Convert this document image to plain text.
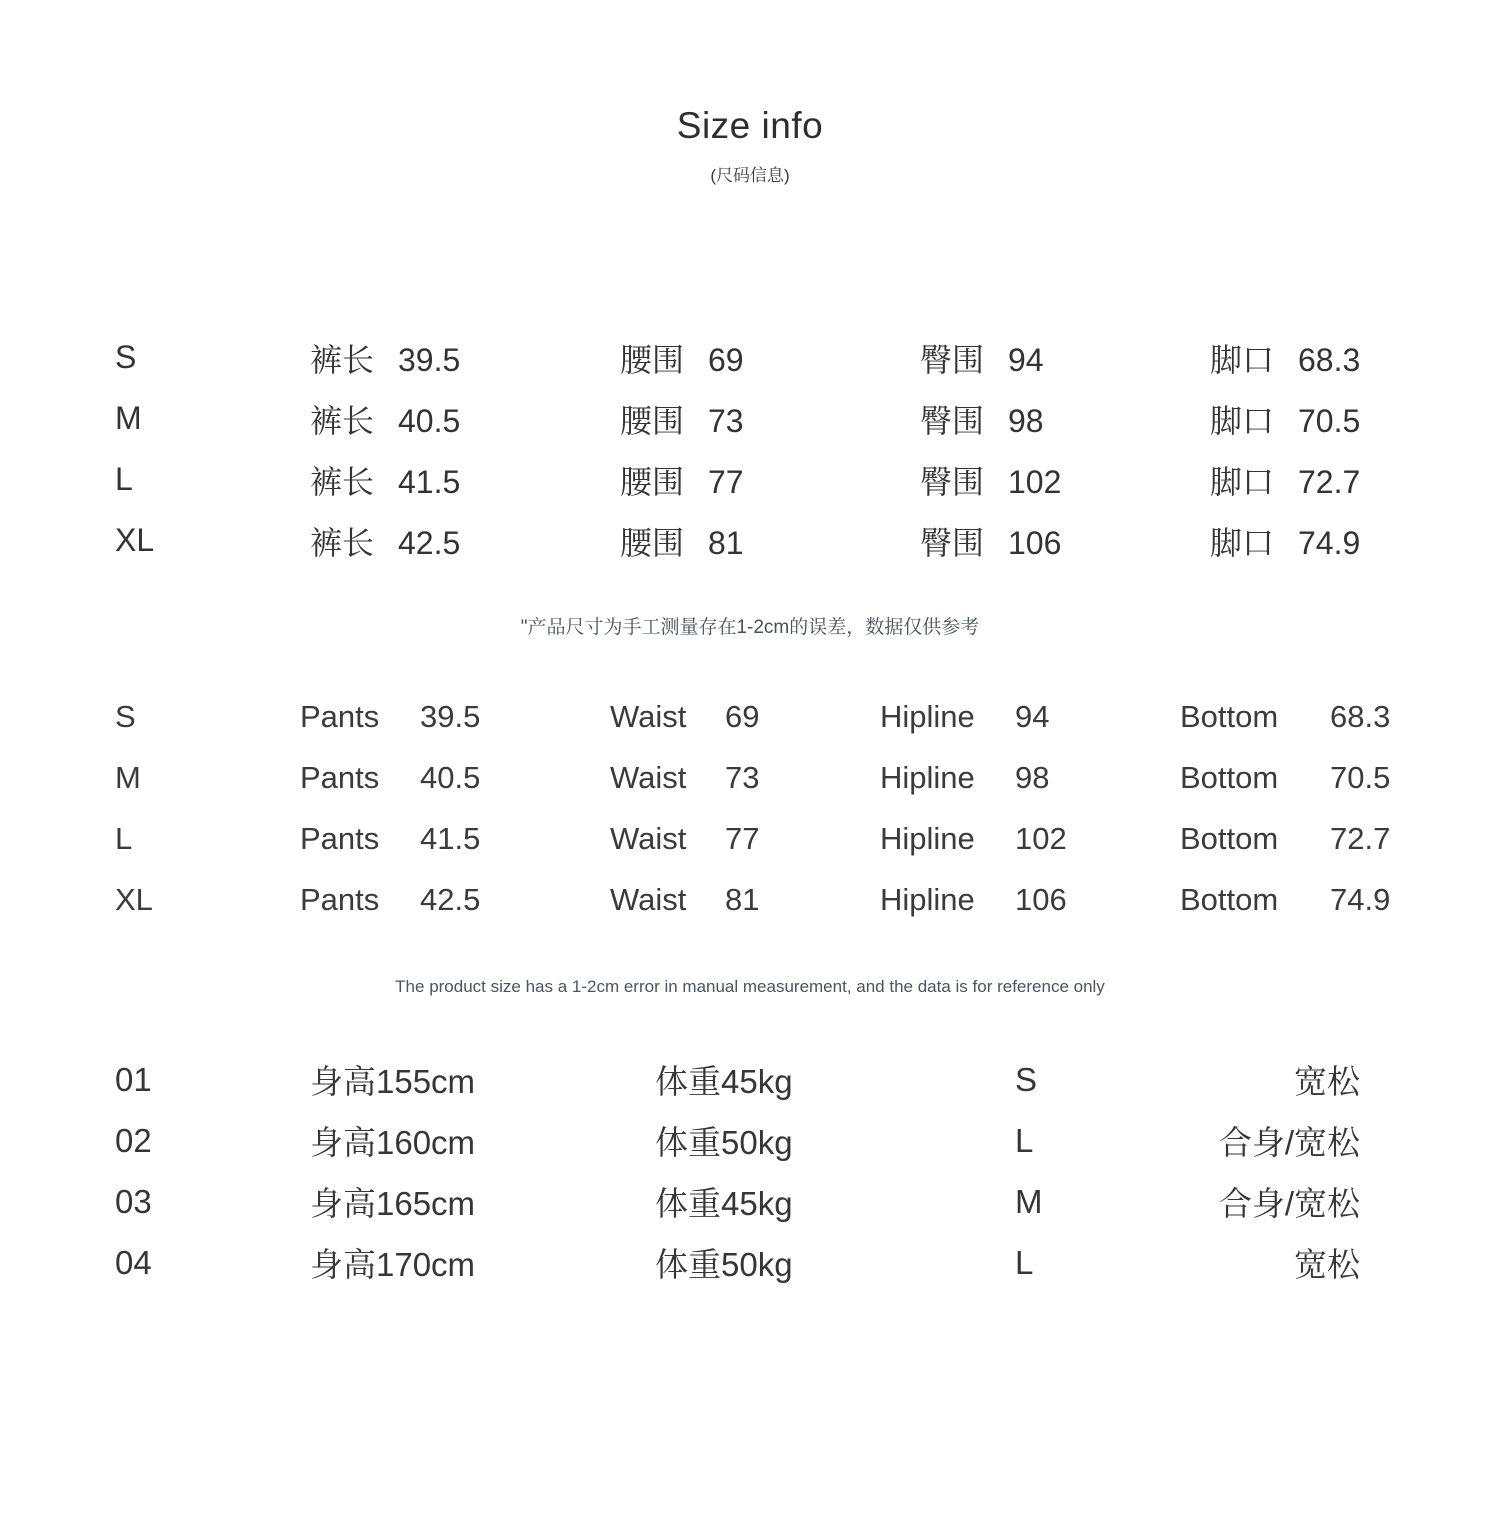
Size info
(尺码信息)
S	裤长 39.5	腰围 69	臀围 94	脚口 68.3
M	裤长 40.5	腰围 73	臀围 98	脚口 70.5
L	裤长 41.5	腰围 77	臀围 102	脚口 72.7
XL	裤长 42.5	腰围 81	臀围 106	脚口 74.9
"产品尺寸为手工测量存在1-2cm的误差，数据仅供参考
S	Pants 39.5	Waist 69	Hipline 94	Bottom 68.3
M	Pants 40.5	Waist 73	Hipline 98	Bottom 70.5
L	Pants 41.5	Waist 77	Hipline 102	Bottom 72.7
XL	Pants 42.5	Waist 81	Hipline 106	Bottom 74.9
The product size has a 1-2cm error in manual measurement, and the data is for reference only
01	身高155cm	体重45kg	S	宽松
02	身高160cm	体重50kg	L	合身/宽松
03	身高165cm	体重45kg	M	合身/宽松
04	身高170cm	体重50kg	L	宽松
